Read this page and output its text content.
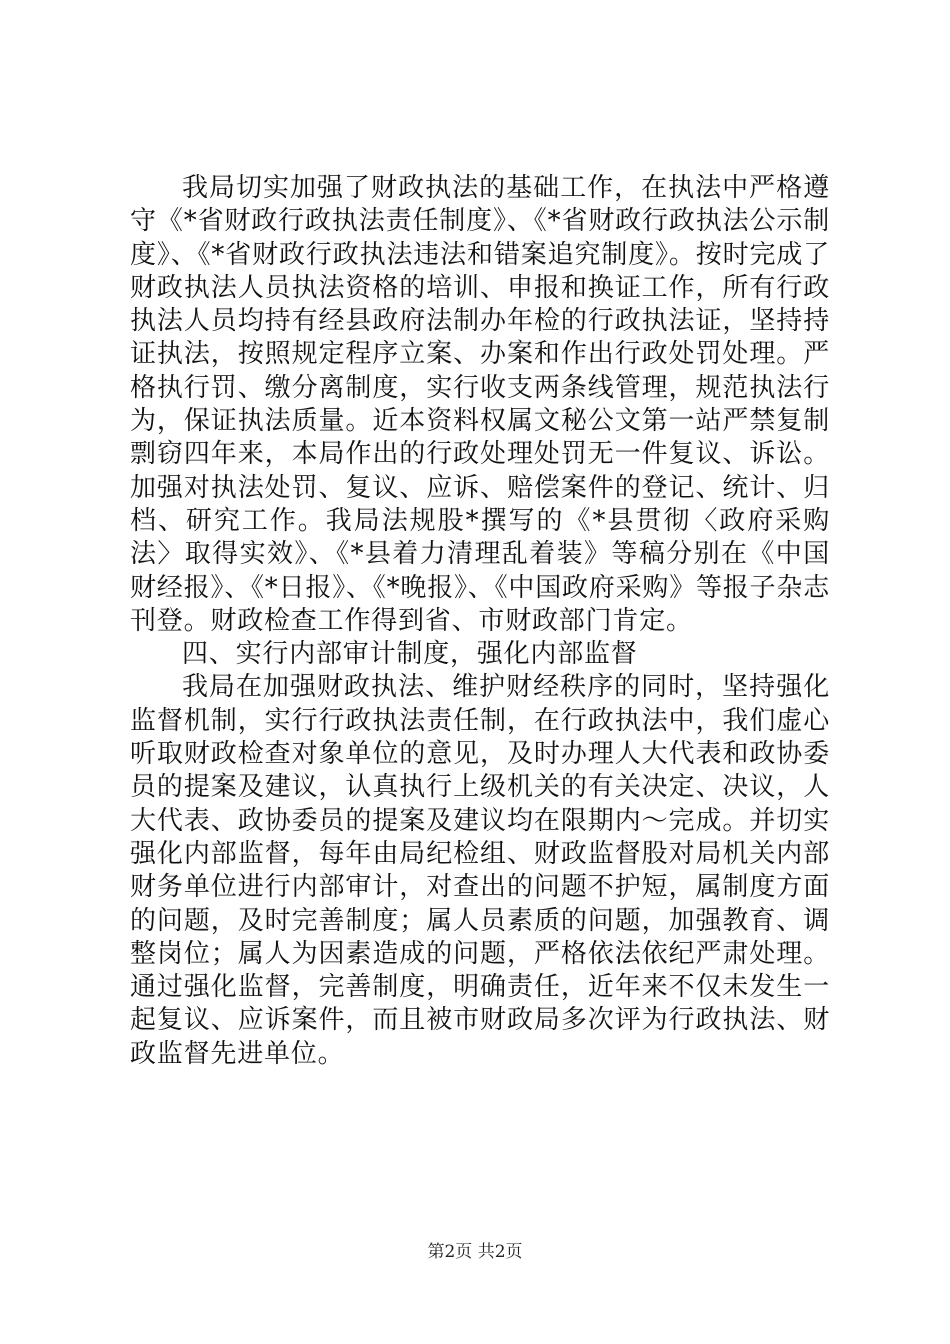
我局切实加强了财政执法的基础工作，在执法中严格遵守《*省财政行政执法责任制度》、《*省财政行政执法公示制度》、《*省财政行政执法违法和错案追究制度》。按时完成了财政执法人员执法资格的培训、申报和换证工作，所有行政执法人员均持有经县政府法制办年检的行政执法证，坚持持证执法，按照规定程序立案、办案和作出行政处罚处理。严格执行罚、缴分离制度，实行收支两条线管理，规范执法行为，保证执法质量。近本资料权属文秘公文第一站严禁复制剽窃四年来，本局作出的行政处理处罚无一件复议、诉讼。加强对执法处罚、复议、应诉、赔偿案件的登记、统计、归档、研究工作。我局法规股*撰写的《*县贯彻〈政府采购法〉取得实效》、《*县着力清理乱着装》等稿分别在《中国财经报》、《*日报》、《*晚报》、《中国政府采购》等报子杂志刊登。财政检查工作得到省、市财政部门肯定。

四、实行内部审计制度，强化内部监督

我局在加强财政执法、维护财经秩序的同时，坚持强化监督机制，实行行政执法责任制，在行政执法中，我们虚心听取财政检查对象单位的意见，及时办理人大代表和政协委员的提案及建议，认真执行上级机关的有关决定、决议，人大代表、政协委员的提案及建议均在限期内～完成。并切实强化内部监督，每年由局纪检组、财政监督股对局机关内部财务单位进行内部审计，对查出的问题不护短，属制度方面的问题，及时完善制度；属人员素质的问题，加强教育、调整岗位；属人为因素造成的问题，严格依法依纪严肃处理。通过强化监督，完善制度，明确责任，近年来不仅未发生一起复议、应诉案件，而且被市财政局多次评为行政执法、财政监督先进单位。

第2页 共2页
